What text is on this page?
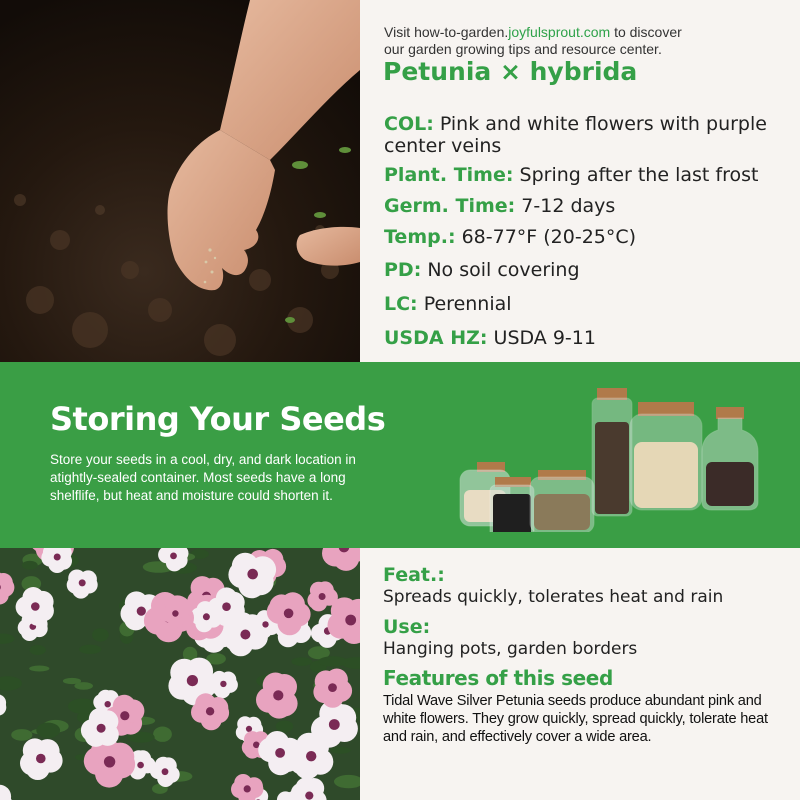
Visit how-to-garden.joyfulsprout.com to discover
our garden growing tips and resource center.
Petunia × hybrida
COL: Pink and white flowers with purple
center veins
Plant. Time: Spring after the last frost
Germ. Time: 7-12 days
Temp.: 68-77°F (20-25°C)
PD: No soil covering
LC: Perennial
USDA HZ: USDA 9-11
Storing Your Seeds
Store your seeds in a cool, dry, and dark location in atightly-sealed container. Most seeds have a long shelflife, but heat and moisture could shorten it.
Feat.:
Spreads quickly, tolerates heat and rain
Use:
Hanging pots, garden borders
Features of this seed
Tidal Wave Silver Petunia seeds produce abundant pink and white flowers. They grow quickly, spread quickly, tolerate heat and rain, and effectively cover a wide area.
